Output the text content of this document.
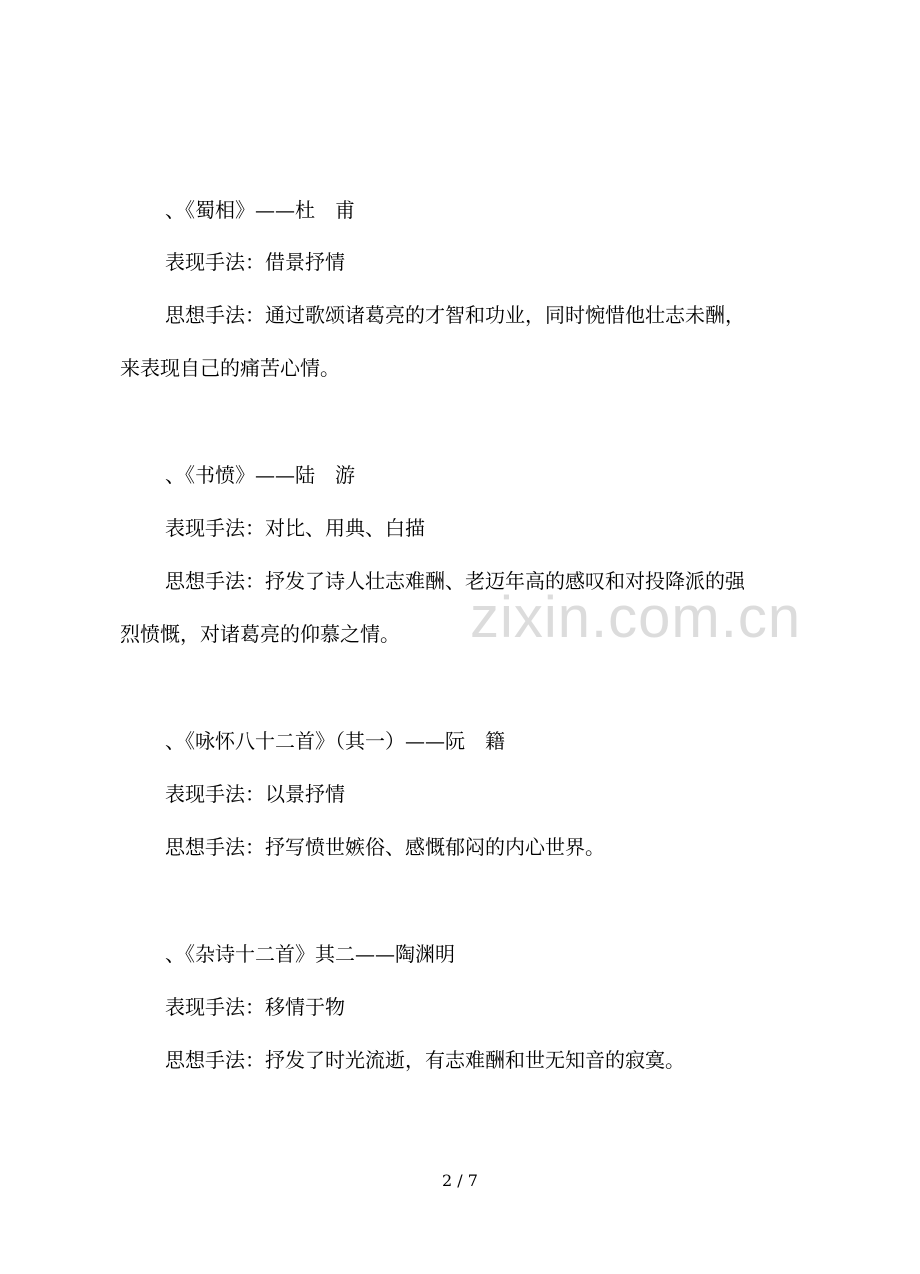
zixin.com.cn
、《蜀相》——杜　甫
表现手法：借景抒情
思想手法：通过歌颂诸葛亮的才智和功业，同时惋惜他壮志未酬，
来表现自己的痛苦心情。
、《书愤》——陆　游
表现手法：对比、用典、白描
思想手法：抒发了诗人壮志难酬、老迈年高的感叹和对投降派的强
烈愤慨，对诸葛亮的仰慕之情。
、《咏怀八十二首》（其一）——阮　籍
表现手法：以景抒情
思想手法：抒写愤世嫉俗、感慨郁闷的内心世界。
、《杂诗十二首》其二——陶渊明
表现手法：移情于物
思想手法：抒发了时光流逝，有志难酬和世无知音的寂寞。
2 / 7
